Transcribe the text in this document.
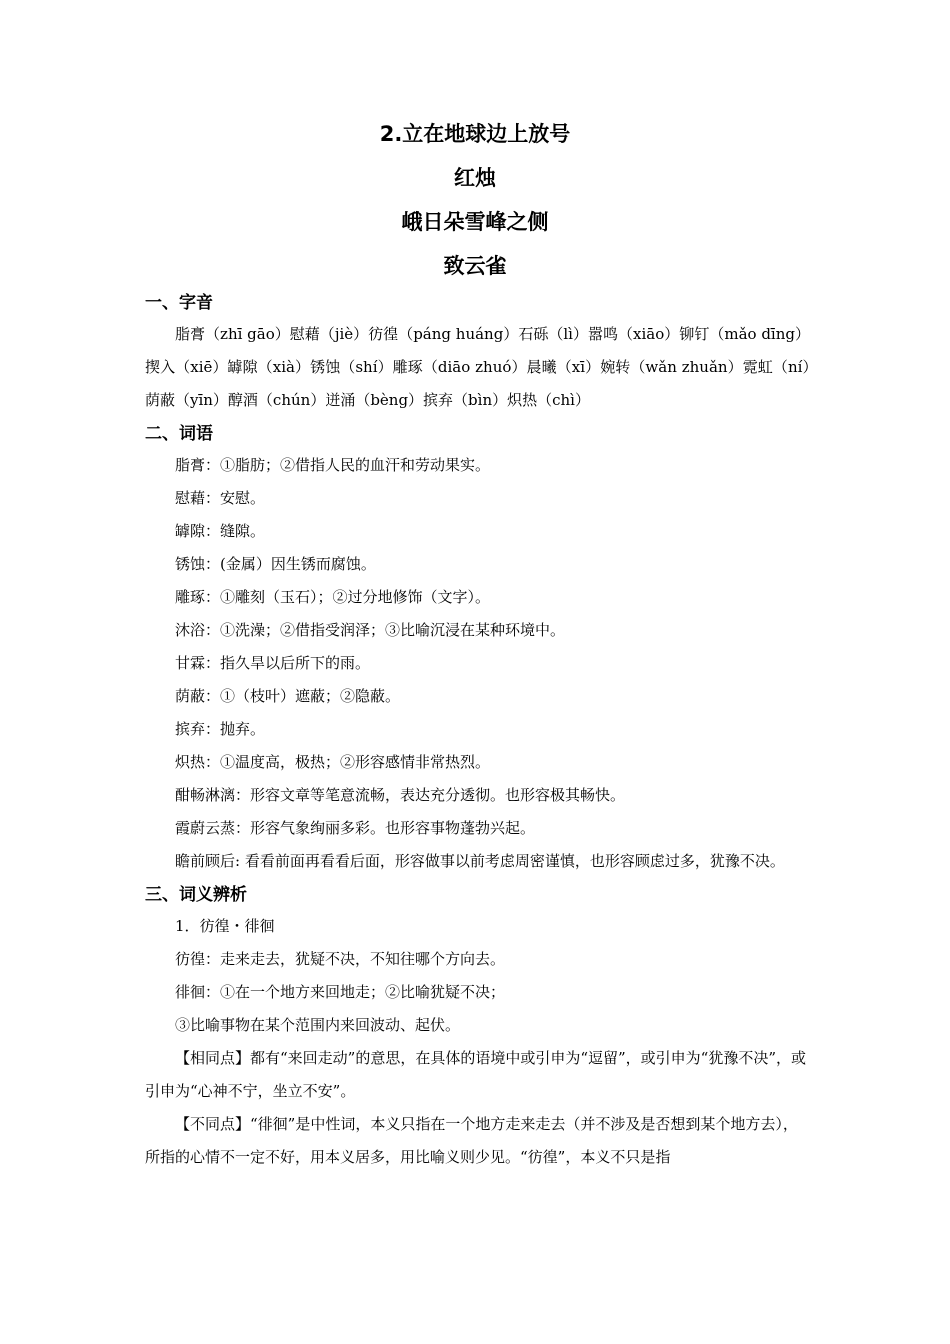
2.立在地球边上放号
红烛
峨日朵雪峰之侧
致云雀
一、字音

脂膏（zhī gāo）慰藉（jiè）彷徨（páng huáng）石砾（lì）嚣鸣（xiāo）铆钉（mǎo dīng）揳入（xiē）罅隙（xià）锈蚀（shí）雕琢（diāo zhuó）晨曦（xī）婉转（wǎn zhuǎn）霓虹（ní）荫蔽（yīn）醇酒（chún）迸涌（bèng）摈弃（bìn）炽热（chì）

二、词语

脂膏：①脂肪；②借指人民的血汗和劳动果实。

慰藉：安慰。

罅隙：缝隙。

锈蚀：(金属）因生锈而腐蚀。

雕琢：①雕刻（玉石）；②过分地修饰（文字）。

沐浴：①洗澡；②借指受润泽；③比喻沉浸在某种环境中。

甘霖：指久旱以后所下的雨。

荫蔽：①（枝叶）遮蔽；②隐蔽。

摈弃：抛弃。

炽热：①温度高，极热；②形容感情非常热烈。

酣畅淋漓：形容文章等笔意流畅，表达充分透彻。也形容极其畅快。

霞蔚云蒸：形容气象绚丽多彩。也形容事物蓬勃兴起。

瞻前顾后: 看看前面再看看后面，形容做事以前考虑周密谨慎，也形容顾虑过多，犹豫不决。

三、词义辨析

1．彷徨・徘徊

彷徨：走来走去，犹疑不决，不知往哪个方向去。

徘徊：①在一个地方来回地走；②比喻犹疑不决；

③比喻事物在某个范围内来回波动、起伏。

【相同点】都有“来回走动”的意思，在具体的语境中或引申为“逗留”，或引申为“犹豫不决”，或引申为“心神不宁，坐立不安”。

【不同点】“徘徊”是中性词，本义只指在一个地方走来走去（并不涉及是否想到某个地方去），所指的心情不一定不好，用本义居多，用比喻义则少见。“彷徨”，本义不只是指
